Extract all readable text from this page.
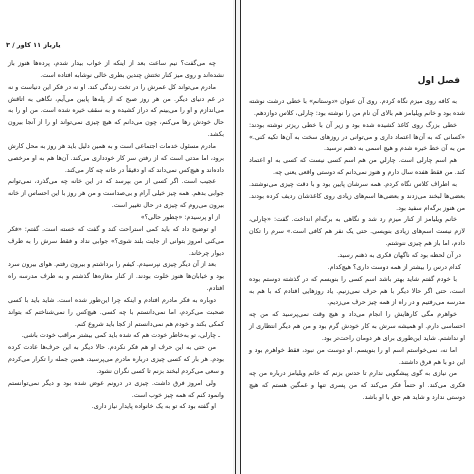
یارباز ۱۱ کاور / ۳

چه می‌گفت؟ نیم ساعت بعد از اینکه از خواب بیدار شدم، پرده‌ها هنوز باز نشده‌اند و روی میز کنار تختش چندین بطری خالی نوشابه افتاده است.

مادرم می‌تواند کل عمرش را در تخت زندگی کند. او نه در فکر این دنیاست و نه در غم دنیای دیگر. من هر روز صبح که از پله‌ها پایین می‌آیم، نگاهی به اتاقش می‌اندازم و او را می‌بینم که دراز کشیده و به سقف خیره شده است. من او را به حال خودش رها می‌کنم، چون می‌دانم که هیچ چیزی نمی‌تواند او را از آنجا بیرون بکشد.

مادرم مسئول خدمات اجتماعی است و به همین دلیل باید هر روز به محل کارش برود، اما مدتی است که از رفتن سر کار خودداری می‌کند. آن‌ها هم به او مرخصی داده‌اند و هیچ‌کس نمی‌داند که او دقیقاً در خانه چه کار می‌کند.

عجیب است. اگر کسی از من بپرسد که در این خانه چه می‌گذرد، نمی‌توانم جوابی بدهم. همه چیز خیلی آرام و بی‌صداست و من هر روز با این احساس از خانه بیرون می‌روم که چیزی در حال تغییر است.

از او پرسیدم: «چطور حالی؟»

او توضیح داد که باید کمی استراحت کند و گفت که خسته است. گفتم: «فکر می‌کنی امروز بتوانی از جایت بلند شوی؟» جوابی نداد و فقط سرش را به طرف دیوار چرخاند.

بعد از آن دیگر چیزی نپرسیدم. کیفم را برداشتم و بیرون رفتم. هوای بیرون سرد بود و خیابان‌ها هنوز خلوت بودند. از کنار مغازه‌ها گذشتم و به طرف مدرسه راه افتادم.

دوباره به فکر مادرم افتادم و اینکه چرا این‌طور شده است. شاید باید با کسی صحبت می‌کردم، اما نمی‌دانستم با چه کسی. هیچ‌کس را نمی‌شناختم که بتواند کمکی بکند و خودم هم نمی‌دانستم از کجا باید شروع کنم.

ـ چارلی، تو به‌خاطر خودت هم که شده باید کمی بیشتر مراقب خودت باشی.

من حتی به این حرف او هم فکر نکردم. حالا دیگر به این حرف‌ها عادت کرده بودم. هر بار که کسی چیزی درباره مادرم می‌پرسید، همین جمله را تکرار می‌کردم و سعی می‌کردم لبخند بزنم تا کسی نگران نشود.

ولی امروز فرق داشت. چیزی در درونم عوض شده بود و دیگر نمی‌توانستم وانمود کنم که همه چیز خوب است.

او گفته بود که تو به یک خانواده پایدار نیاز داری.

فصل اول

به کافه روی میزم نگاه کردم. روی آن عنوان «دوستانم» با خطی درشت نوشته شده بود و خانم ویلیامز هم بالای آن نام من را نوشته بود: چارلی، کلاس دوازدهم.

خطی بزرگ روی کاغذ کشیده شده بود و زیر آن با خطی ریزتر نوشته بودند: «کسانی که به آن‌ها اعتماد داری و می‌توانی در روزهای سخت به آن‌ها تکیه کنی.» من به آن خط خیره شدم و هیچ اسمی به ذهنم نرسید.

هم اسم چارلی است. چارلیِ من هم اسم کسی نیست که کسی به او اعتماد کند. من فقط هفده سال دارم و هنوز نمی‌دانم که دوستی واقعی یعنی چه.

به اطراف کلاس نگاه کردم. همه سرشان پایین بود و با دقت چیزی می‌نوشتند. بعضی‌ها لبخند می‌زدند و بعضی‌ها اسم‌های زیادی روی کاغذشان ردیف کرده بودند. من هنوز برگه‌ام سفید بود.

خانم ویلیامز از کنار میزم رد شد و نگاهی به برگه‌ام انداخت. گفت: «چارلی، لازم نیست اسم‌های زیادی بنویسی. حتی یک نفر هم کافی است.» سرم را تکان دادم، اما باز هم چیزی ننوشتم.

در آن لحظه بود که ناگهان فکری به ذهنم رسید.

کدام درس را بیشتر از همه دوست داری؟ هیچ‌کدام.

با خودم گفتم شاید بهتر باشد اسم کسی را بنویسم که در گذشته دوستم بوده است، حتی اگر حالا دیگر با هم حرف نمی‌زنیم. یاد روزهایی افتادم که با هم به مدرسه می‌رفتیم و در راه از همه چیز حرف می‌زدیم.

خواهرم مگی کارهایش را انجام می‌داد و هیچ وقت نمی‌پرسید که من چه احساسی دارم. او همیشه سرش به کار خودش گرم بود و من هم دیگر انتظاری از او نداشتم. شاید این‌طوری برای هر دومان راحت‌تر بود.

اما نه، نمی‌خواستم اسم او را بنویسم. او دوست من نبود، فقط خواهرم بود و این دو با هم فرق داشتند.

من نیازی به گوی پیشگویی ندارم تا حدس بزنم که خانم ویلیامز درباره من چه فکری می‌کند. او حتماً فکر می‌کند که من پسری تنها و غمگین هستم که هیچ دوستی ندارد و شاید هم حق با او باشد.
